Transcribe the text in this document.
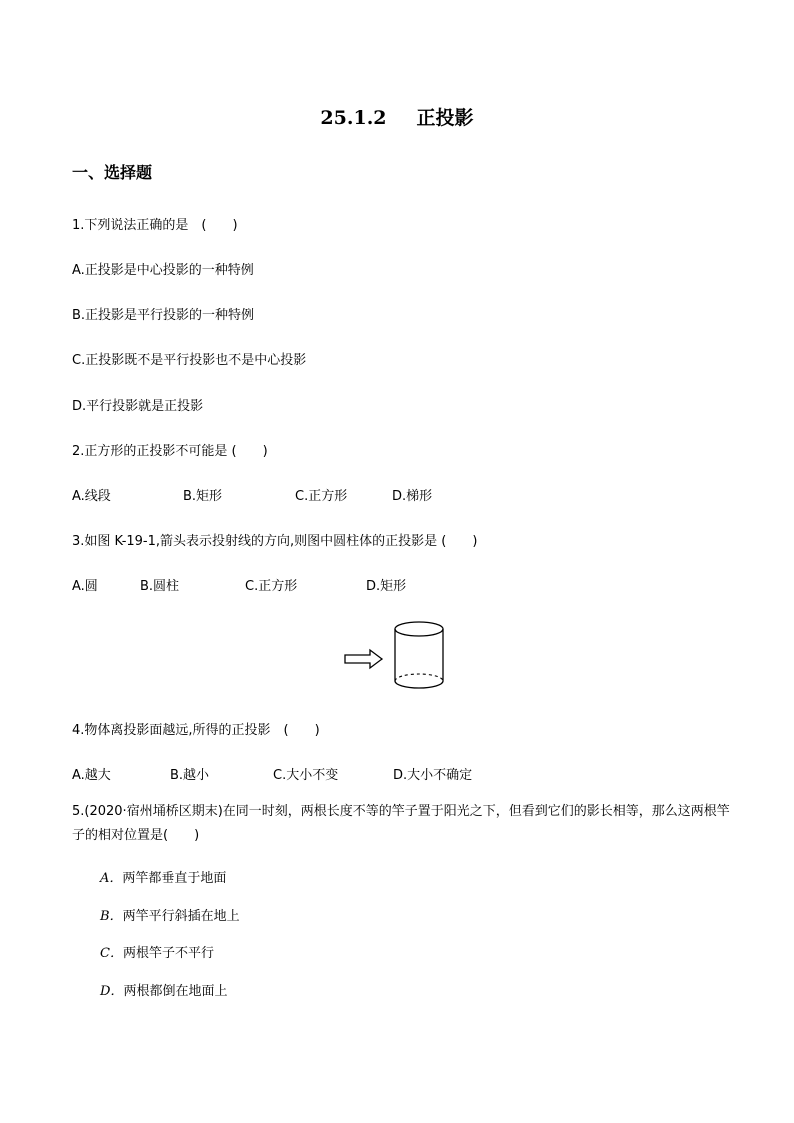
25.1.2 正投影
一、选择题
1.下列说法正确的是　(　　)
A.正投影是中心投影的一种特例
B.正投影是平行投影的一种特例
C.正投影既不是平行投影也不是中心投影
D.平行投影就是正投影
2.正方形的正投影不可能是 (　　)
A.线段	B.矩形	C.正方形	D.梯形
3.如图 K-19-1,箭头表示投射线的方向,则图中圆柱体的正投影是 (　　)
A.圆	B.圆柱	C.正方形	D.矩形
4.物体离投影面越远,所得的正投影　(　　)
A.越大	B.越小	C.大小不变	D.大小不确定
5.(2020·宿州埇桥区期末)在同一时刻，两根长度不等的竿子置于阳光之下，但看到它们的影长相等，那么这两根竿子的相对位置是(　　)
A．两竿都垂直于地面
B．两竿平行斜插在地上
C．两根竿子不平行
D．两根都倒在地面上
